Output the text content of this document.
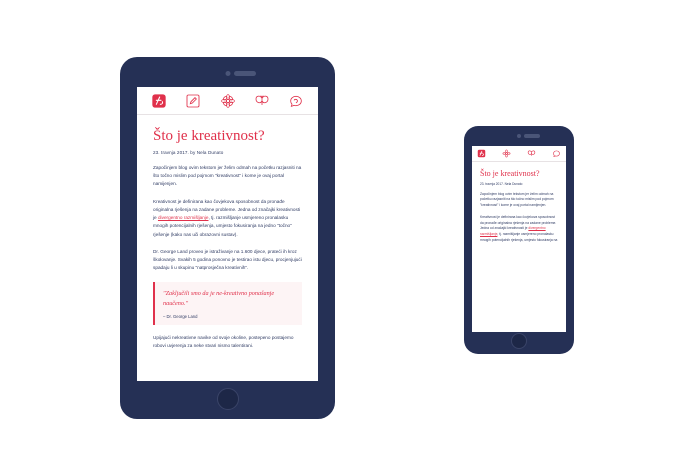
Što je kreativnost?

23. travnja 2017. by Nela Dunato

Započinjem blog ovim tekstom jer želim odmah na početku razjasniti na što točno mislim pod pojmom "kreativnost" i kome je ovaj portal namijenjen.

Kreativnost je definirana kao čovjekova sposobnost da pronađe originalna rješenja na zadane probleme. Jedna od značajki kreativnosti je divergentno razmišljanje, tj. razmišljanje usmjereno pronalasku mnogih potencijalnih rješenja, umjesto fokusiranja na jedno "točno" rješenje (kako nas uči obrazovni sustav).

Dr. George Land proveo je istraživanje na 1.600 djece, prateći ih kroz školovanje. Svakih 5 godina ponovno je testirao istu djecu, procjenjujući spadaju li u skupinu "natprosječna kreativnih".

"Zaključili smo da je ne-kreativno ponašanje naučeno."

– Dr. George Land

Upijajući nekreativne navike od svoje okoline, postepeno postajemo robovi uvjerenja za neke stvari nismo talentirani.

Što je kreativnost?

23. travnja 2017. Nela Dunato

Započinjem blog ovim tekstom jer želim odmah na početku razjasniti na što točno mislim pod pojmom "kreativnost" i kome je ovaj portal namijenjen.

Kreativnost je definirana kao čovjekova sposobnost da pronađe originalna rješenja na zadane probleme. Jedna od značajki kreativnosti je divergentno razmišljanje, tj. razmišljanje usmjereno pronalasku mnogih potencijalnih rješenja, umjesto fokusiranja na
